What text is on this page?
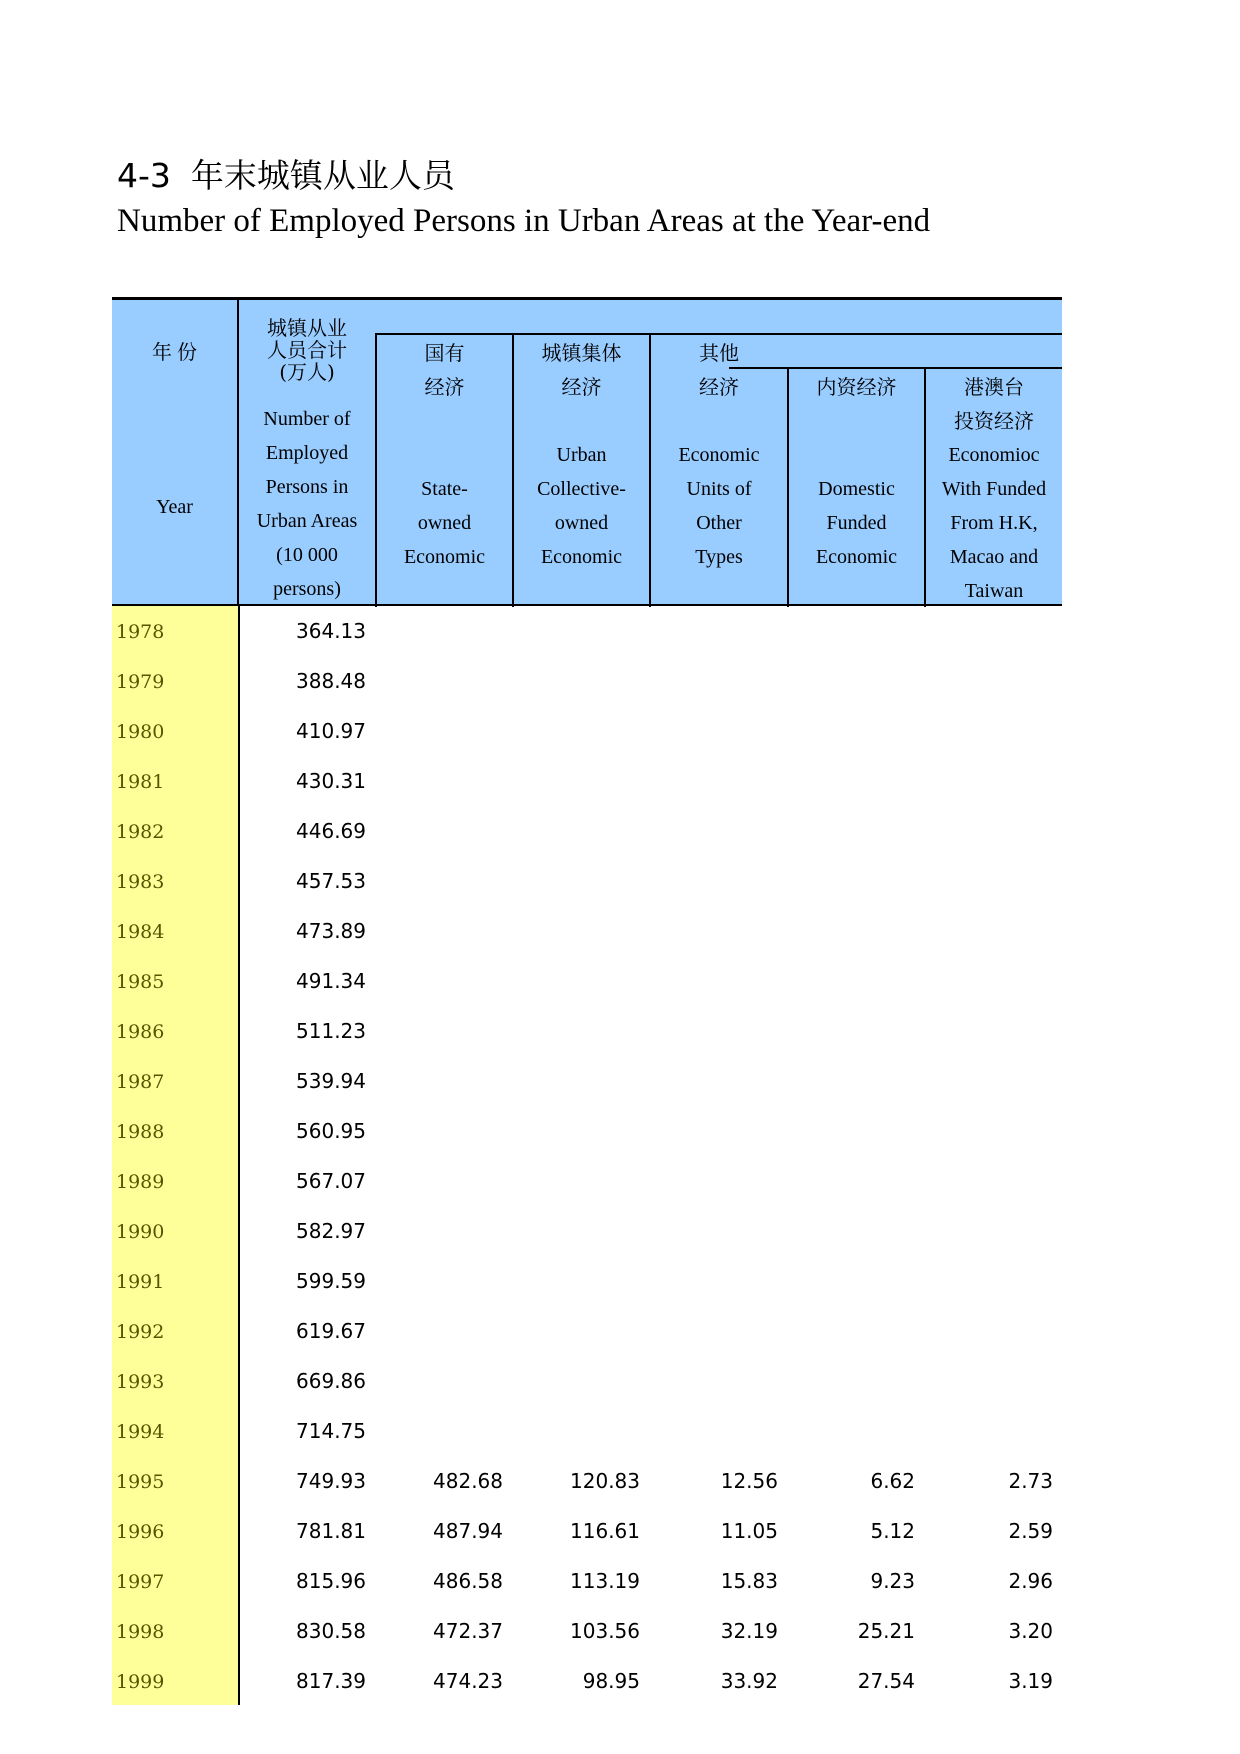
4-3 年末城镇从业人员
Number of Employed Persons in Urban Areas at the Year-end
年 份
Year
城镇从业
人员合计
(万人)
Number of
Employed
Persons in
Urban Areas
(10 000
persons)
国有
经济
State-
owned
Economic
城镇集体
经济
Urban
Collective-
owned
Economic
其他
经济
Economic
Units of
Other
Types
内资经济
Domestic
Funded
Economic
港澳台
投资经济
Economioc
With Funded
From H.K,
Macao and
Taiwan
1978	364.13
1979	388.48
1980	410.97
1981	430.31
1982	446.69
1983	457.53
1984	473.89
1985	491.34
1986	511.23
1987	539.94
1988	560.95
1989	567.07
1990	582.97
1991	599.59
1992	619.67
1993	669.86
1994	714.75
1995	749.93	482.68	120.83	12.56	6.62	2.73
1996	781.81	487.94	116.61	11.05	5.12	2.59
1997	815.96	486.58	113.19	15.83	9.23	2.96
1998	830.58	472.37	103.56	32.19	25.21	3.20
1999	817.39	474.23	98.95	33.92	27.54	3.19
